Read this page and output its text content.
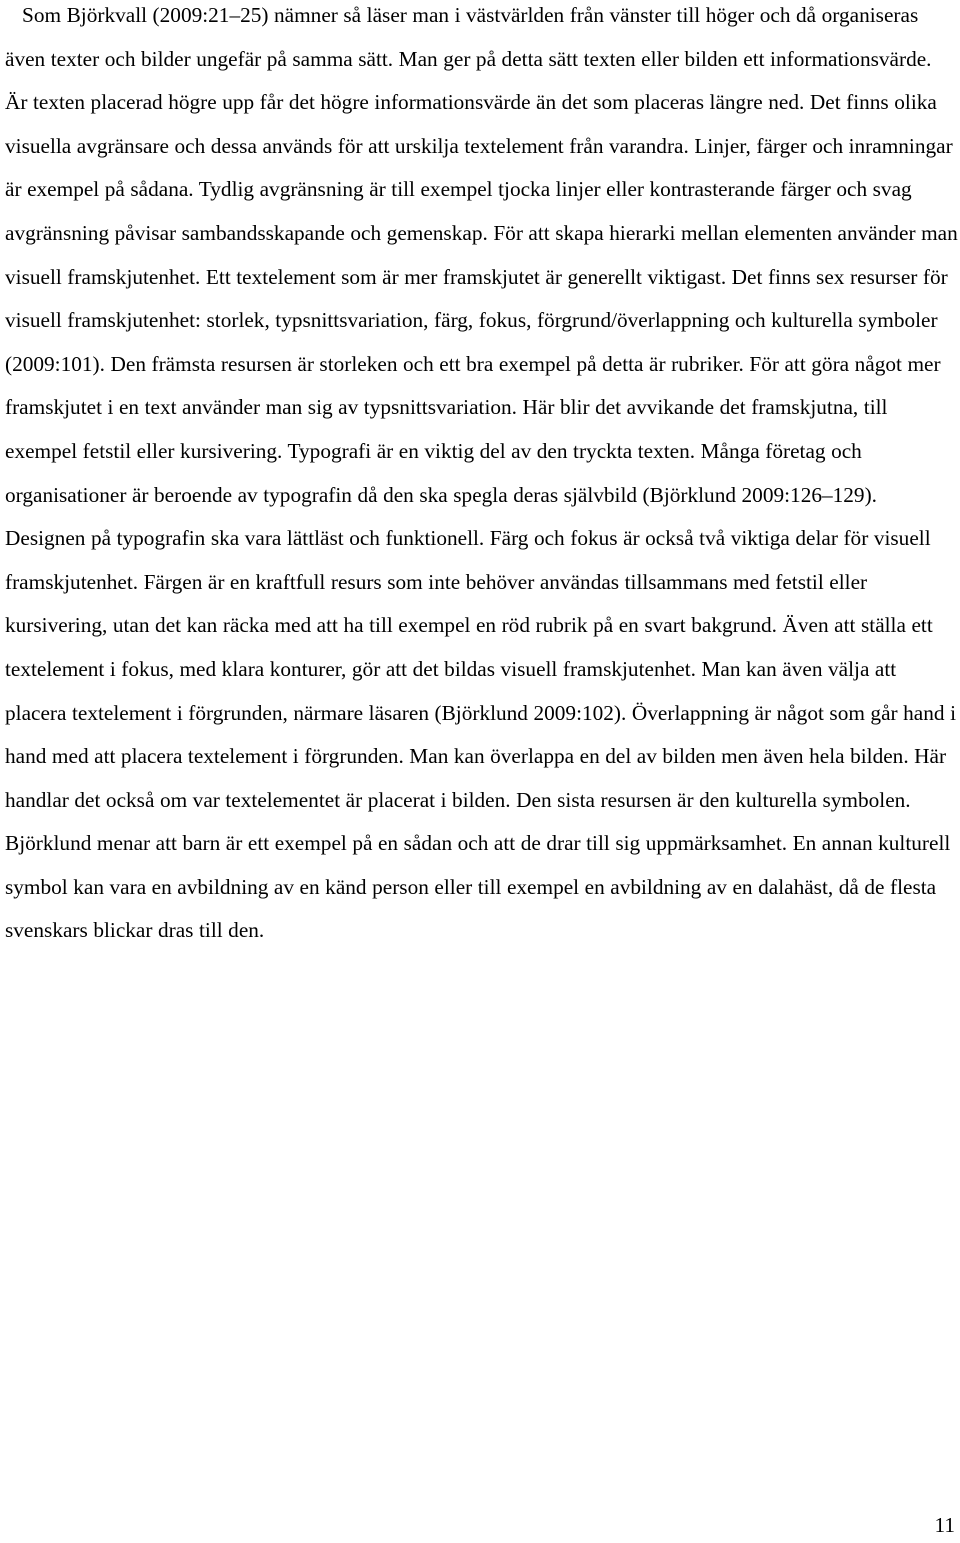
Som Björkvall (2009:21–25) nämner så läser man i västvärlden från vänster till höger och då organiseras även texter och bilder ungefär på samma sätt. Man ger på detta sätt texten eller bilden ett informationsvärde. Är texten placerad högre upp får det högre informationsvärde än det som placeras längre ned. Det finns olika visuella avgränsare och dessa används för att urskilja textelement från varandra. Linjer, färger och inramningar är exempel på sådana. Tydlig avgränsning är till exempel tjocka linjer eller kontrasterande färger och svag avgränsning påvisar sambandsskapande och gemenskap. För att skapa hierarki mellan elementen använder man visuell framskjutenhet. Ett textelement som är mer framskjutet är generellt viktigast. Det finns sex resurser för visuell framskjutenhet: storlek, typsnittsvariation, färg, fokus, förgrund/överlappning och kulturella symboler (2009:101). Den främsta resursen är storleken och ett bra exempel på detta är rubriker. För att göra något mer framskjutet i en text använder man sig av typsnittsvariation. Här blir det avvikande det framskjutna, till exempel fetstil eller kursivering. Typografi är en viktig del av den tryckta texten. Många företag och organisationer är beroende av typografin då den ska spegla deras självbild (Björklund 2009:126–129). Designen på typografin ska vara lättläst och funktionell. Färg och fokus är också två viktiga delar för visuell framskjutenhet. Färgen är en kraftfull resurs som inte behöver användas tillsammans med fetstil eller kursivering, utan det kan räcka med att ha till exempel en röd rubrik på en svart bakgrund. Även att ställa ett textelement i fokus, med klara konturer, gör att det bildas visuell framskjutenhet. Man kan även välja att placera textelement i förgrunden, närmare läsaren (Björklund 2009:102). Överlappning är något som går hand i hand med att placera textelement i förgrunden. Man kan överlappa en del av bilden men även hela bilden. Här handlar det också om var textelementet är placerat i bilden. Den sista resursen är den kulturella symbolen. Björklund menar att barn är ett exempel på en sådan och att de drar till sig uppmärksamhet. En annan kulturell symbol kan vara en avbildning av en känd person eller till exempel en avbildning av en dalahäst, då de flesta svenskars blickar dras till den.

11
